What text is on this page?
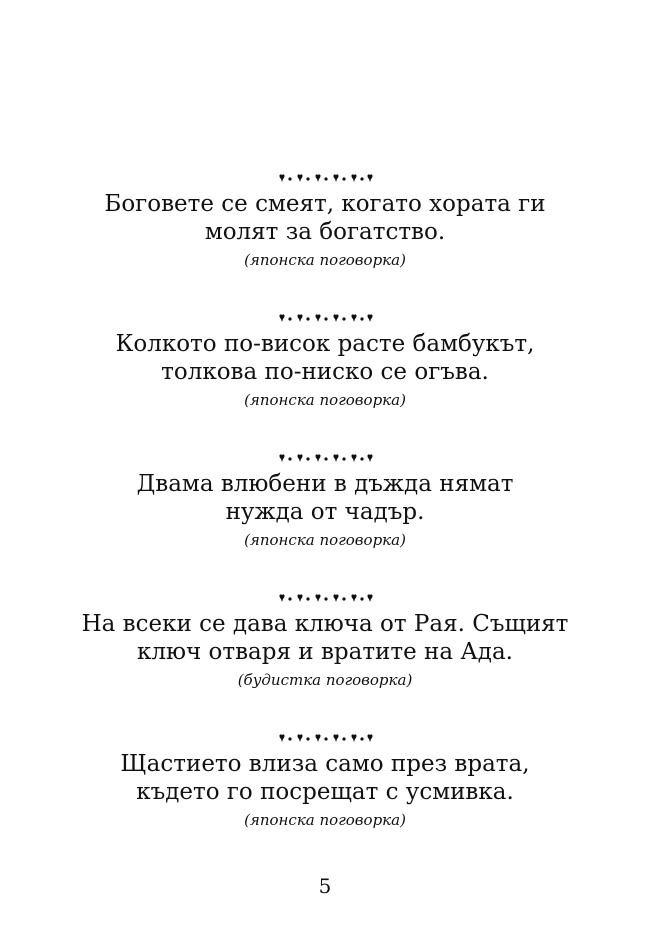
Боговете се смеят, когато хората ги
молят за богатство.

(японска поговорка)

Колкото по-висок расте бамбукът,
толкова по-ниско се огъва.

(японска поговорка)

Двама влюбени в дъжда нямат
нужда от чадър.

(японска поговорка)

На всеки се дава ключа от Рая. Същият
ключ отваря и вратите на Ада.

(будистка поговорка)

Щастието влиза само през врата,
където го посрещат с усмивка.

(японска поговорка)

5
